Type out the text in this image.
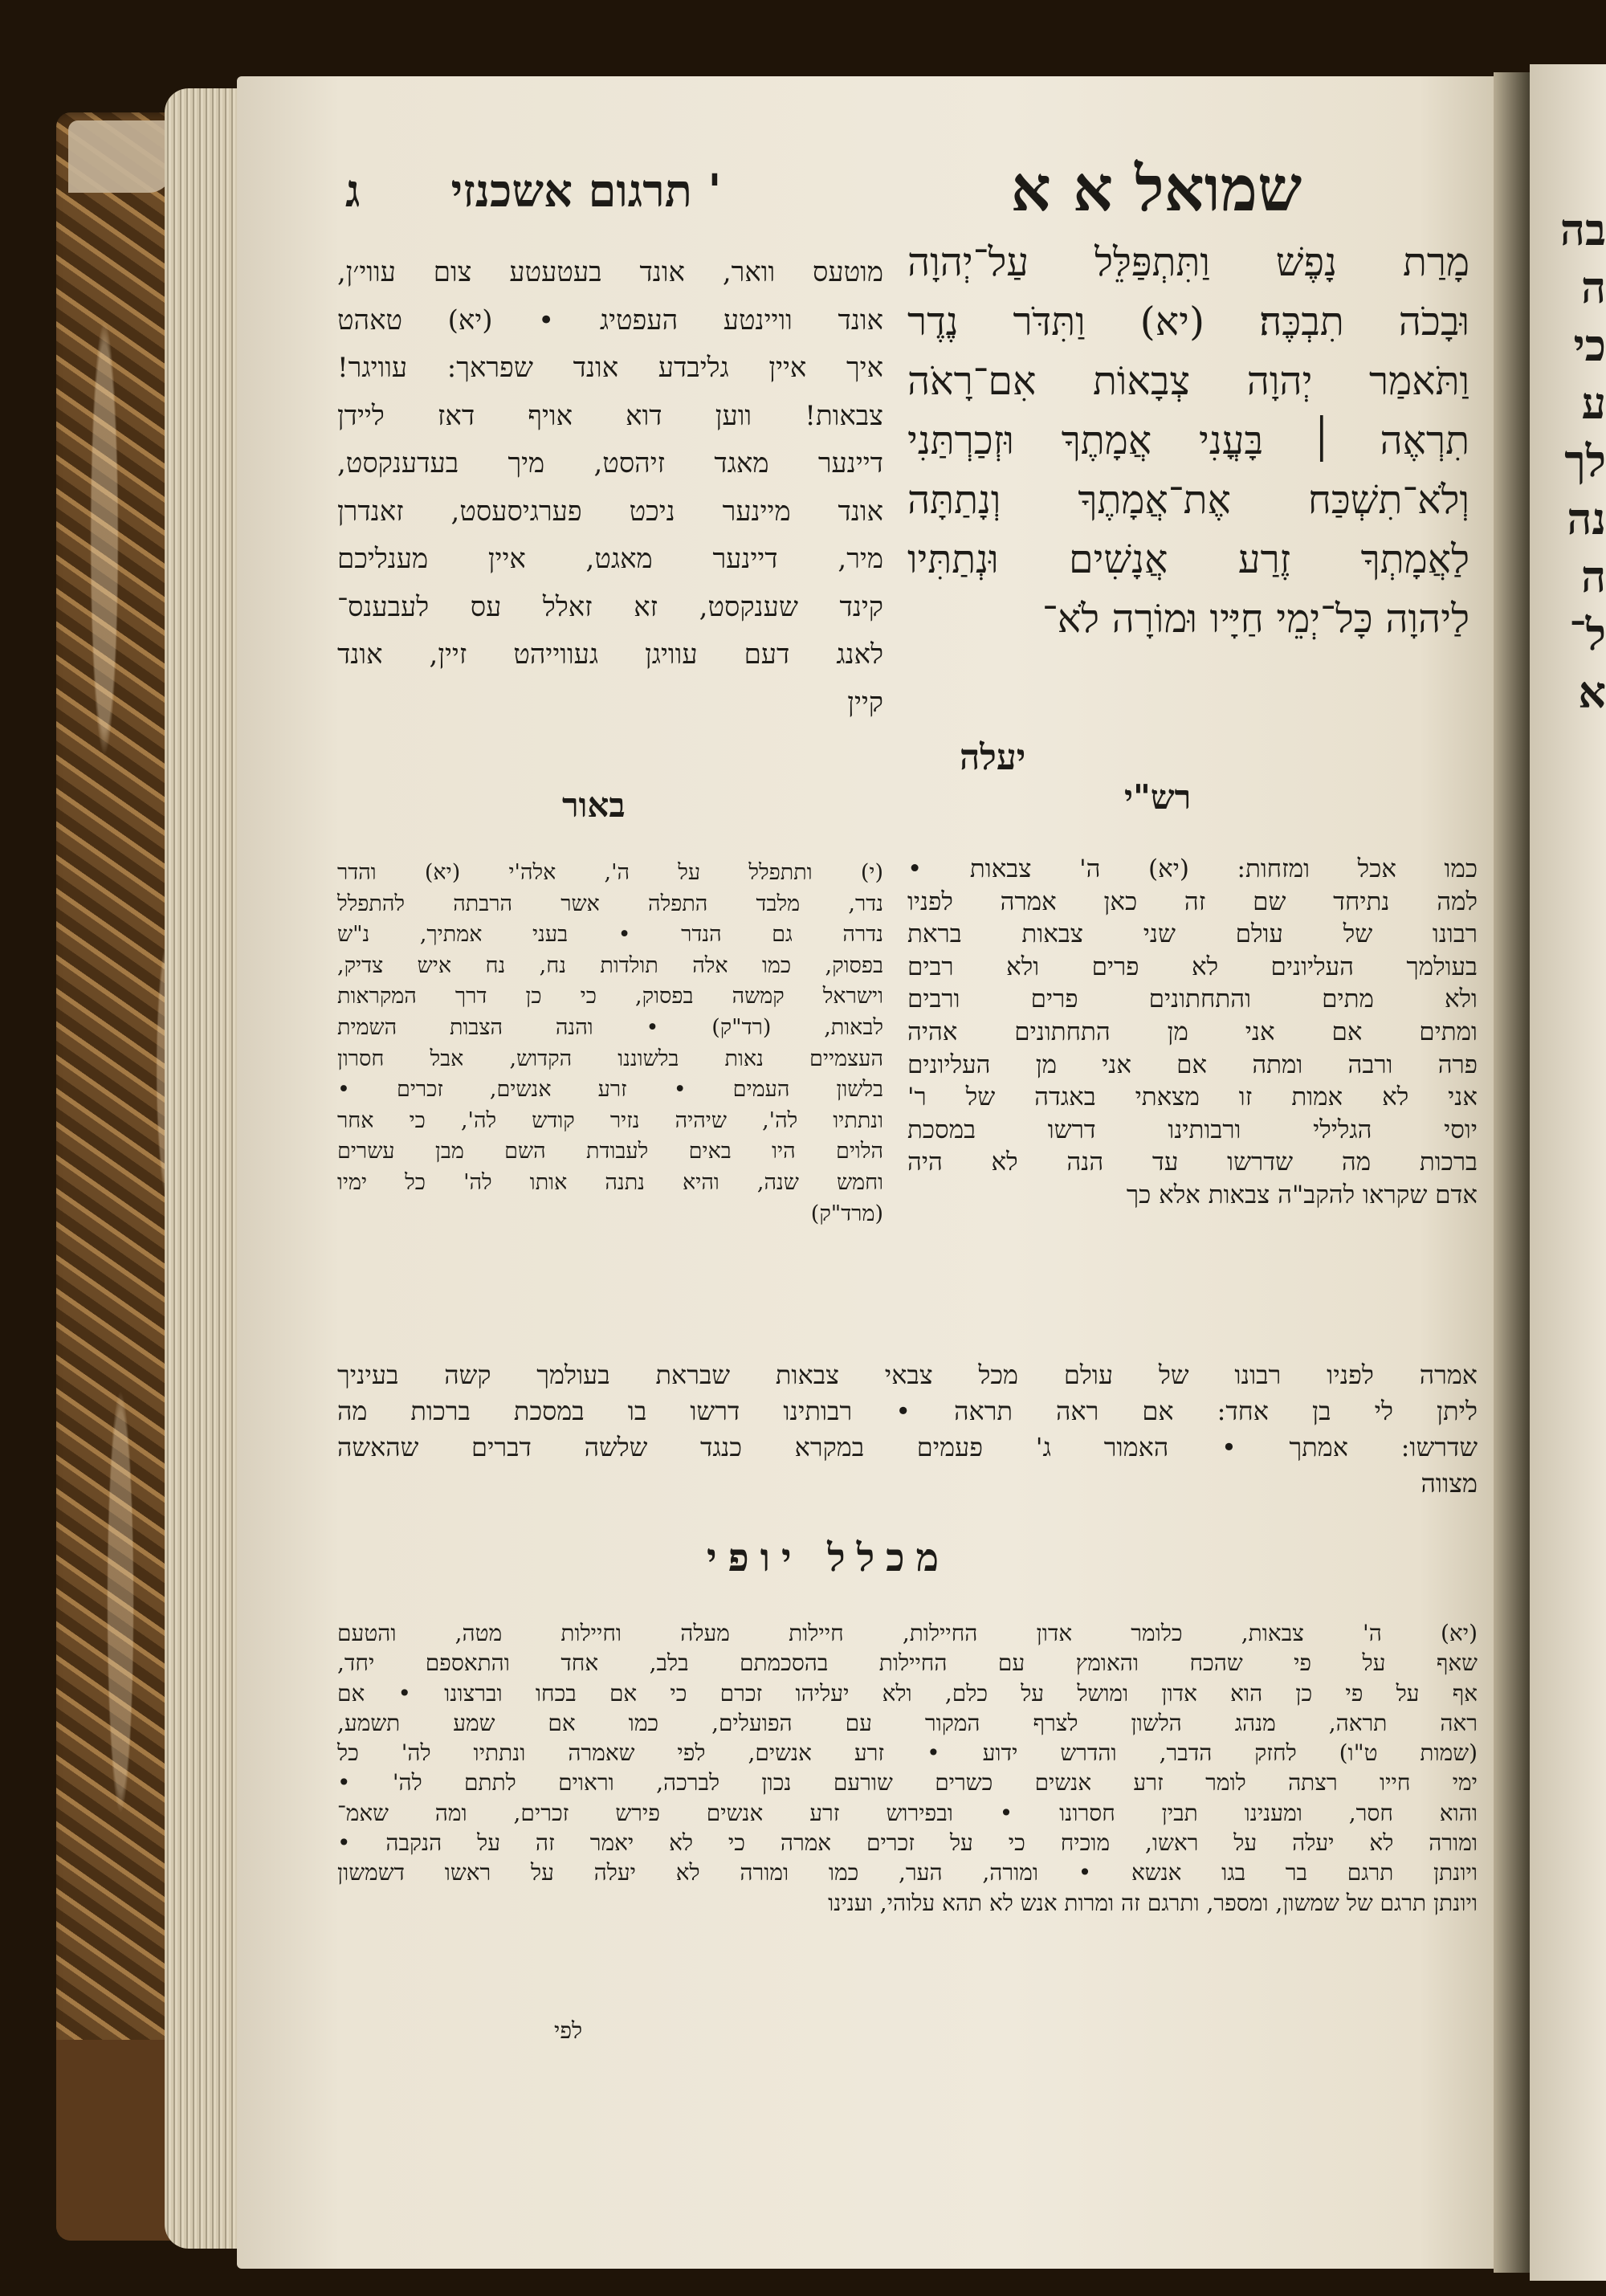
בה
ה
כי
ע
לך
נה
ה
ל־
א
' תרגום אשכנזי
ג	שמואל א א
מָרַת נָפֶשׁ וַתִּתְפַּלֵּל עַל־יְהוָה
וּבָכֹה תִבְכֶּה׃ (יא) וַתִּדֹּר נֶדֶר
וַתֹּאמַר יְהוָה צְבָאוֹת אִם־רָאֹה
תִרְאֶה ׀ בָּעֳנִי אֲמָתֶךָ וּזְכַרְתַּנִי
וְלֹא־תִשְׁכַּח אֶת־אֲמָתֶךָ וְנָתַתָּה
לַאֲמָתְךָ זֶרַע אֲנָשִׁים וּנְתַתִּיו
לַיהוָה כָּל־יְמֵי חַיָּיו וּמוֹרָה לֹא־
יעלה
מוטעס וואר, אונד בעטעטע צום עווי׳ן,
אונד וויינטע העפטיג • (יא) טאהט
איך איין גליבדע אונד שפראך: עוויגר!
צבאות! ווען דוא אויף דאז ליידן
דיינער מאגד זיהסט, מיך בעדענקסט,
אונד מיינער ניכט פערגיסעסט, זאנדרן
מיר, דיינער מאגט, איין מענליכם
קינד שענקסט, זא זאלל עס לעבענס־
לאנג דעם עוויגן געווייהט זיין, אונד
קיין
רש"י
באור
כמו אכל ומזחות: (יא) ה' צבאות •
למה נתיחד שם זה כאן אמרה לפניו
רבונו של עולם שני צבאות בראת
בעולמך העליונים לא פרים ולא רבים
ולא מתים והתחתונים פרים ורבים
ומתים אם אני מן התחתונים אהיה
פרה ורבה ומתה אם אני מן העליונים
אני לא אמות זו מצאתי באגדה של ר'
יוסי הגלילי ורבותינו דרשו במסכת
ברכות מה שדרשו עד הנה לא היה
אדם שקראו להקב"ה צבאות אלא כך
(י) ותתפלל על ה', אלה'י (יא) והדר
נדר, מלבד התפלה אשר הרבתה להתפלל
נדרה גם הנדר • בעני אמתיך, נ"ש
בפסוק, כמו אלה תולדות נח, נח איש צדיק,
וישראל קמשה בפסוק, כי כן דרך המקראות
לבאות, (רד"ק) • והנה הצבות השמית
העצמיים נאות בלשוננו הקדוש, אבל חסרון
בלשון העמים • זרע אנשים, זכרים •
ונתתיו לה', שיהיה נזיר קודש לה', כי אחר
הלוים היו באים לעבודת השם מבן עשרים
וחמש שנה, והיא נתנה אותו לה' כל ימיו
(מרד"ק)
אמרה לפניו רבונו של עולם מכל צבאי צבאות שבראת בעולמך קשה בעיניך
ליתן לי בן אחד: אם ראה תראה • רבותינו דרשו בו במסכת ברכות מה
שדרשו: אמתך • האמור ג' פעמים במקרא כנגד שלשה דברים שהאשה
מצווה
מכלל יופי
(יא) ה' צבאות, כלומר אדון החיילות, חיילות מעלה וחיילות מטה, והטעם
שאף על פי שהכח והאומץ עם החיילות בהסכמתם בלב, אחד והתאספם יחד,
אף על פי כן הוא אדון ומושל על כלם, ולא יעליהו זכרם כי אם בכחו וברצונו • אם
ראה תראה, מנהג הלשון לצרף המקור עם הפועלים, כמו אם שמע תשמע,
(שמות ט"ו) לחזק הדבר, והדרש ידוע • זרע אנשים, לפי שאמרה ונתתיו לה' כל
ימי חייו רצתה לומר זרע אנשים כשרים שורעם נכון לברכה, וראוים לתתם לה' •
והוא חסר, ומענינו תבין חסרונו • ובפירוש זרע אנשים פירש זכרים, ומה שאמ־
ומורה לא יעלה על ראשו, מוכיח כי על זכרים אמרה כי לא יאמר זה על הנקבה •
ויונתן תרגם בר בגו אנשא • ומורה, הער, כמו ומורה לא יעלה על ראשו דשמשון
ויונתן תרגם של שמשון, ומספר, ותרגם זה ומרות אנש לא תהא עלוהי, וענינו
לפי
